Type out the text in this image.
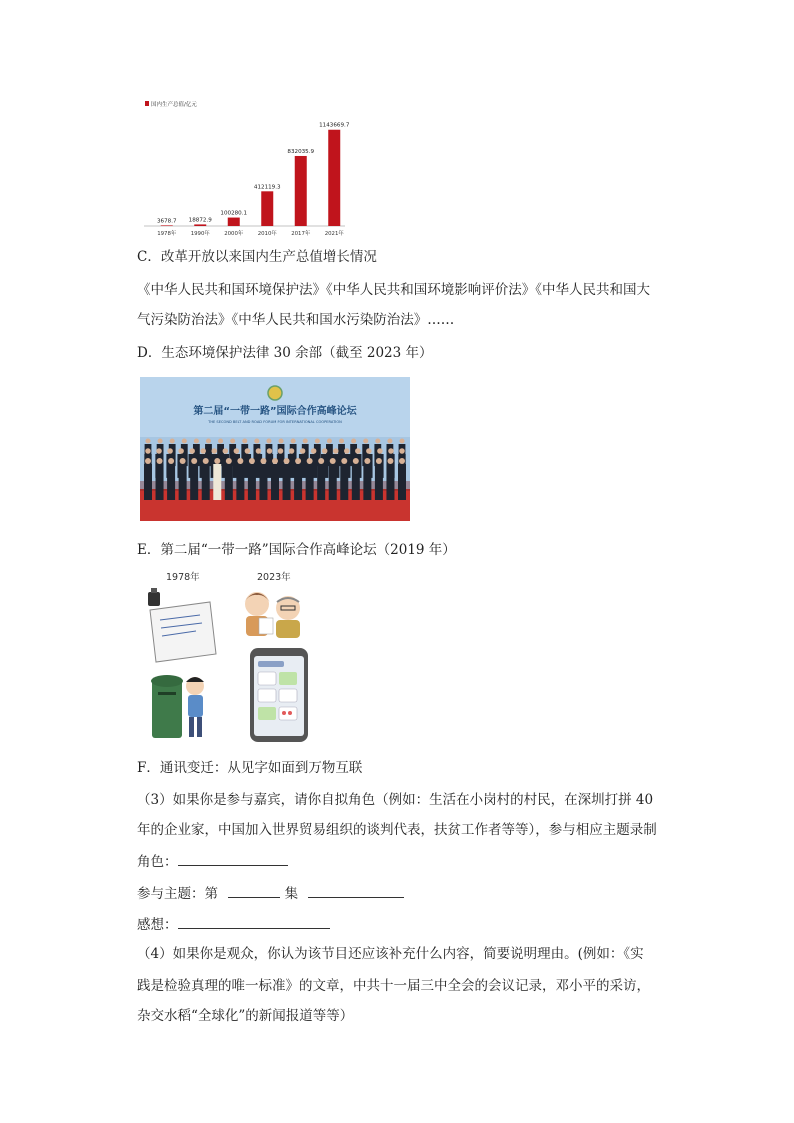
国内生产总值/亿元
3678.7
1978年
18872.9
1990年
100280.1
2000年
412119.3
2010年
832035.9
2017年
1143669.7
2021年
C．改革开放以来国内生产总值增长情况
《中华人民共和国环境保护法》《中华人民共和国环境影响评价法》《中华人民共和国大
气污染防治法》《中华人民共和国水污染防治法》……
D．生态环境保护法律 30 余部（截至 2023 年）
第二届“一带一路”国际合作高峰论坛
THE SECOND BELT AND ROAD FORUM FOR INTERNATIONAL COOPERATION
E．第二届“一带一路”国际合作高峰论坛（2019 年）
1978年	2023年
F．通讯变迁：从见字如面到万物互联
（3）如果你是参与嘉宾，请你自拟角色（例如：生活在小岗村的村民，在深圳打拼 40
年的企业家，中国加入世界贸易组织的谈判代表，扶贫工作者等等），参与相应主题录制
角色：
参与主题：第	集
感想：
（4）如果你是观众，你认为该节目还应该补充什么内容，简要说明理由。(例如：《实
践是检验真理的唯一标准》的文章，中共十一届三中全会的会议记录，邓小平的采访，
杂交水稻“全球化”的新闻报道等等）
